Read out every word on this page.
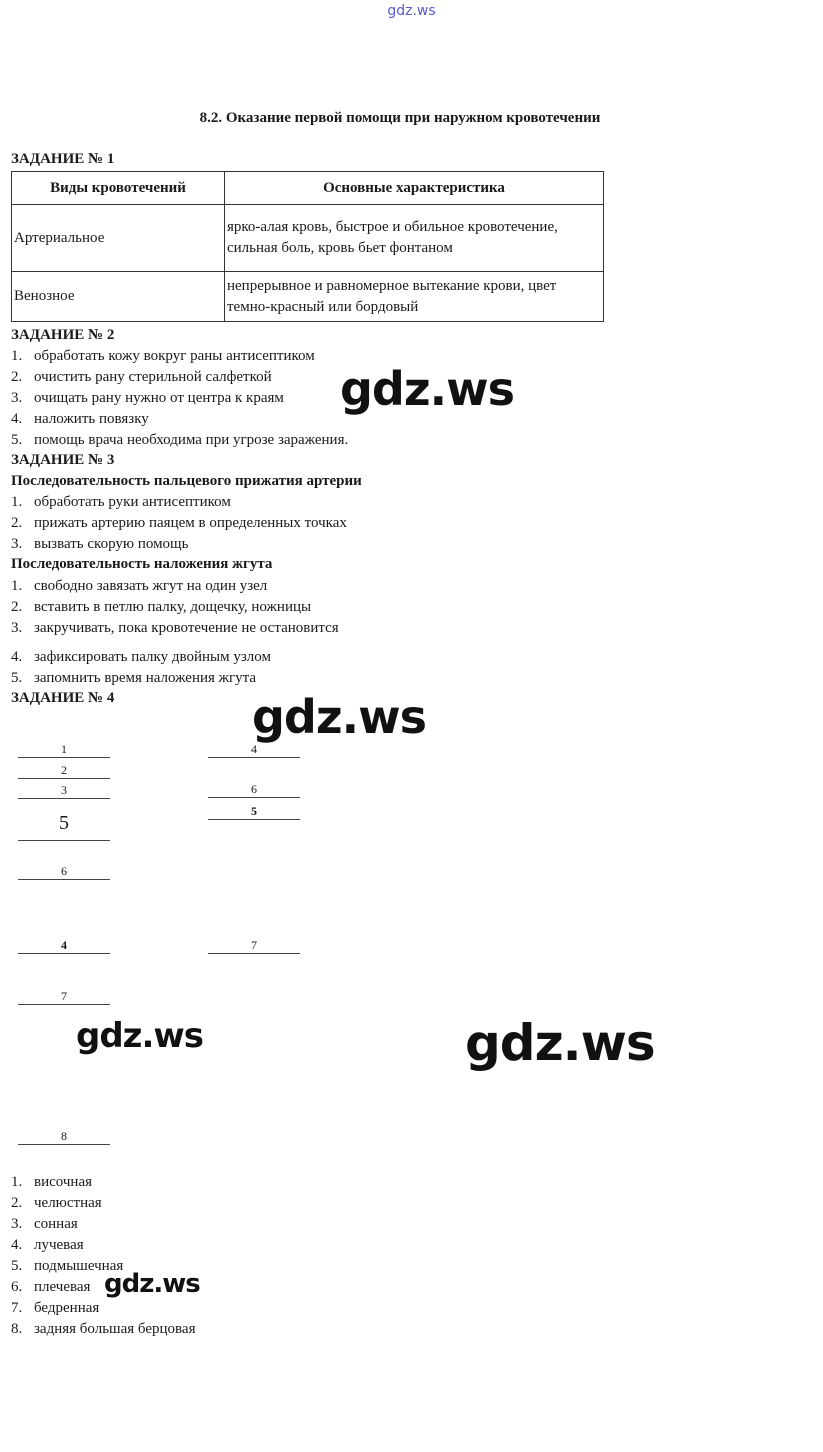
gdz.ws
8.2. Оказание первой помощи при наружном кровотечении
ЗАДАНИЕ № 1
Виды кровотечений	Основные характеристика
Артериальное	ярко-алая кровь, быстрое и обильное кровотечение, сильная боль, кровь бьет фонтаном
Венозное	непрерывное и равномерное вытекание крови, цвет темно-красный или бордовый
ЗАДАНИЕ № 2
1. обработать кожу вокруг раны антисептиком
2. очистить рану стерильной салфеткой
3. очищать рану нужно от центра к краям
4. наложить повязку
5. помощь врача необходима при угрозе заражения.
ЗАДАНИЕ № 3
Последовательность пальцевого прижатия артерии
1. обработать руки антисептиком
2. прижать артерию паяцем в определенных точках
3. вызвать скорую помощь
Последовательность наложения жгута
1. свободно завязать жгут на один узел
2. вставить в петлю палку, дощечку, ножницы
3. закручивать, пока кровотечение не остановится
4. зафиксировать палку двойным узлом
5. запомнить время наложения жгута
ЗАДАНИЕ № 4
1
2
3
5
6
4
7
8
4
6
5
7
1. височная
2. челюстная
3. сонная
4. лучевая
5. подмышечная
6. плечевая
7. бедренная
8. задняя большая берцовая
gdz.ws
gdz.ws
gdz.ws	gdz.ws
gdz.ws
